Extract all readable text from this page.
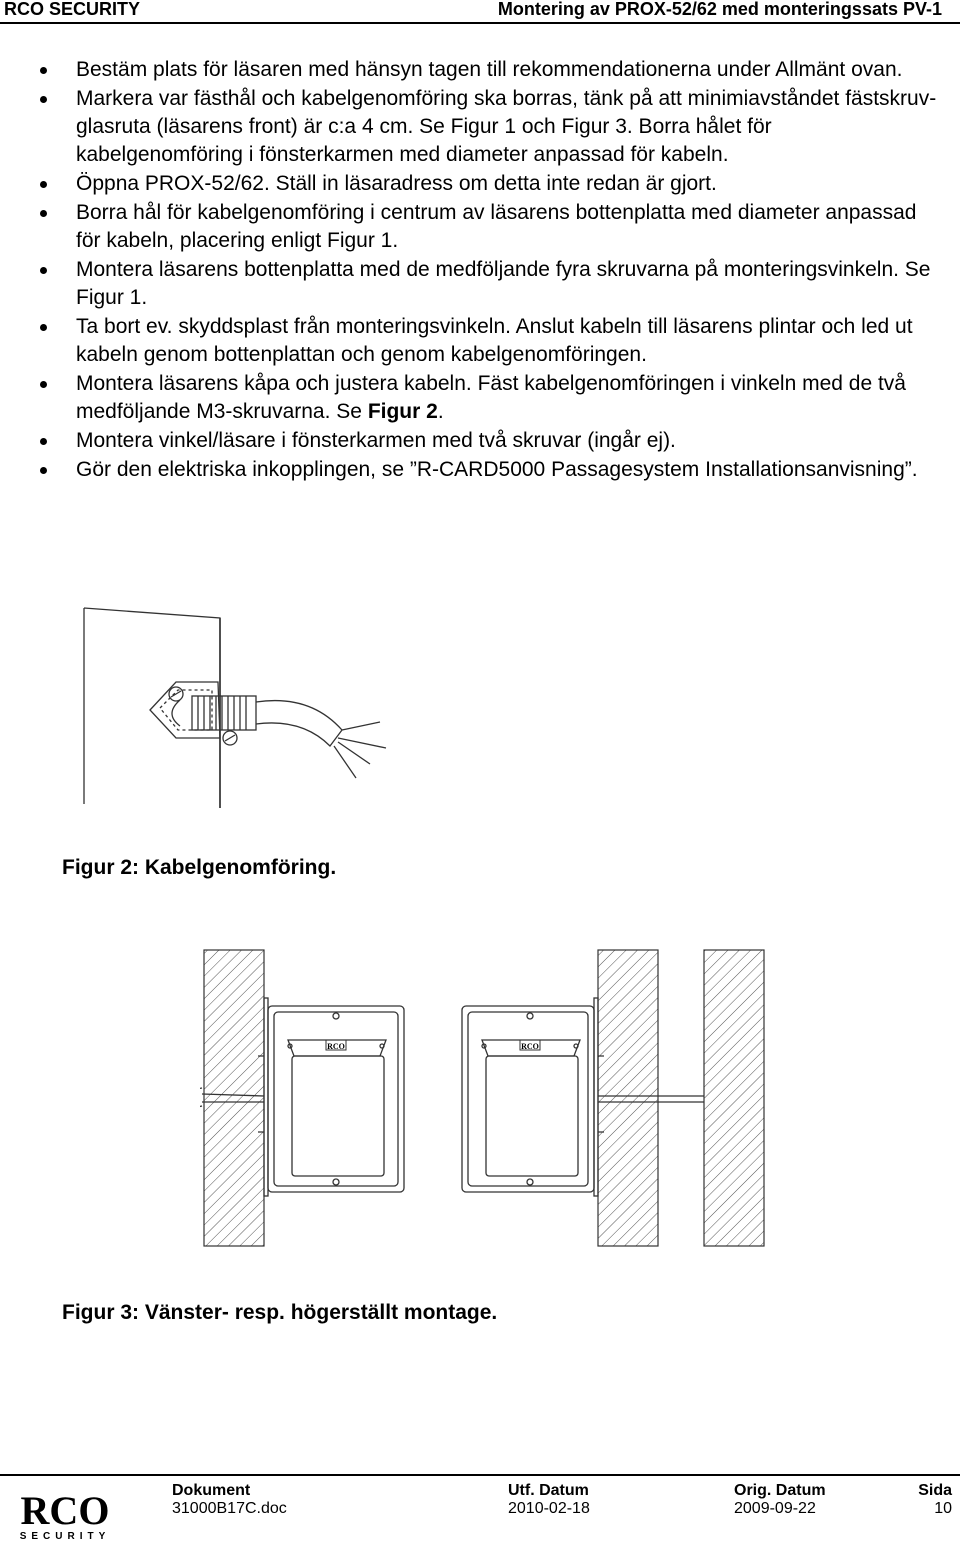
RCO SECURITY	Montering av PROX-52/62 med monteringssats PV-1
Bestäm plats för läsaren med hänsyn tagen till rekommendationerna under Allmänt ovan.
Markera var fästhål och kabelgenomföring ska borras, tänk på att minimiavståndet fästskruv-glasruta (läsarens front) är c:a 4 cm. Se Figur 1 och Figur 3. Borra hålet för kabelgenomföring i fönsterkarmen med diameter anpassad för kabeln.
Öppna PROX-52/62. Ställ in läsaradress om detta inte redan är gjort.
Borra hål för kabelgenomföring i centrum av läsarens bottenplatta med diameter anpassad för kabeln, placering enligt Figur 1.
Montera läsarens bottenplatta med de medföljande fyra skruvarna på monteringsvinkeln. Se Figur 1.
Ta bort ev. skyddsplast från monteringsvinkeln. Anslut kabeln till läsarens plintar och led ut kabeln genom bottenplattan och genom kabelgenomföringen.
Montera läsarens kåpa och justera kabeln. Fäst kabelgenomföringen i vinkeln med de två medföljande M3-skruvarna. Se Figur 2.
Montera vinkel/läsare i fönsterkarmen med två skruvar (ingår ej).
Gör den elektriska inkopplingen, se ”R-CARD5000 Passagesystem Installationsanvisning”.
Figur 2: Kabelgenomföring.
RCO	RCO
Figur 3: Vänster- resp. högerställt montage.
RCO
SECURITY
Dokument
31000B17C.doc
Utf. Datum
2010-02-18
Orig. Datum
2009-09-22
Sida
10
